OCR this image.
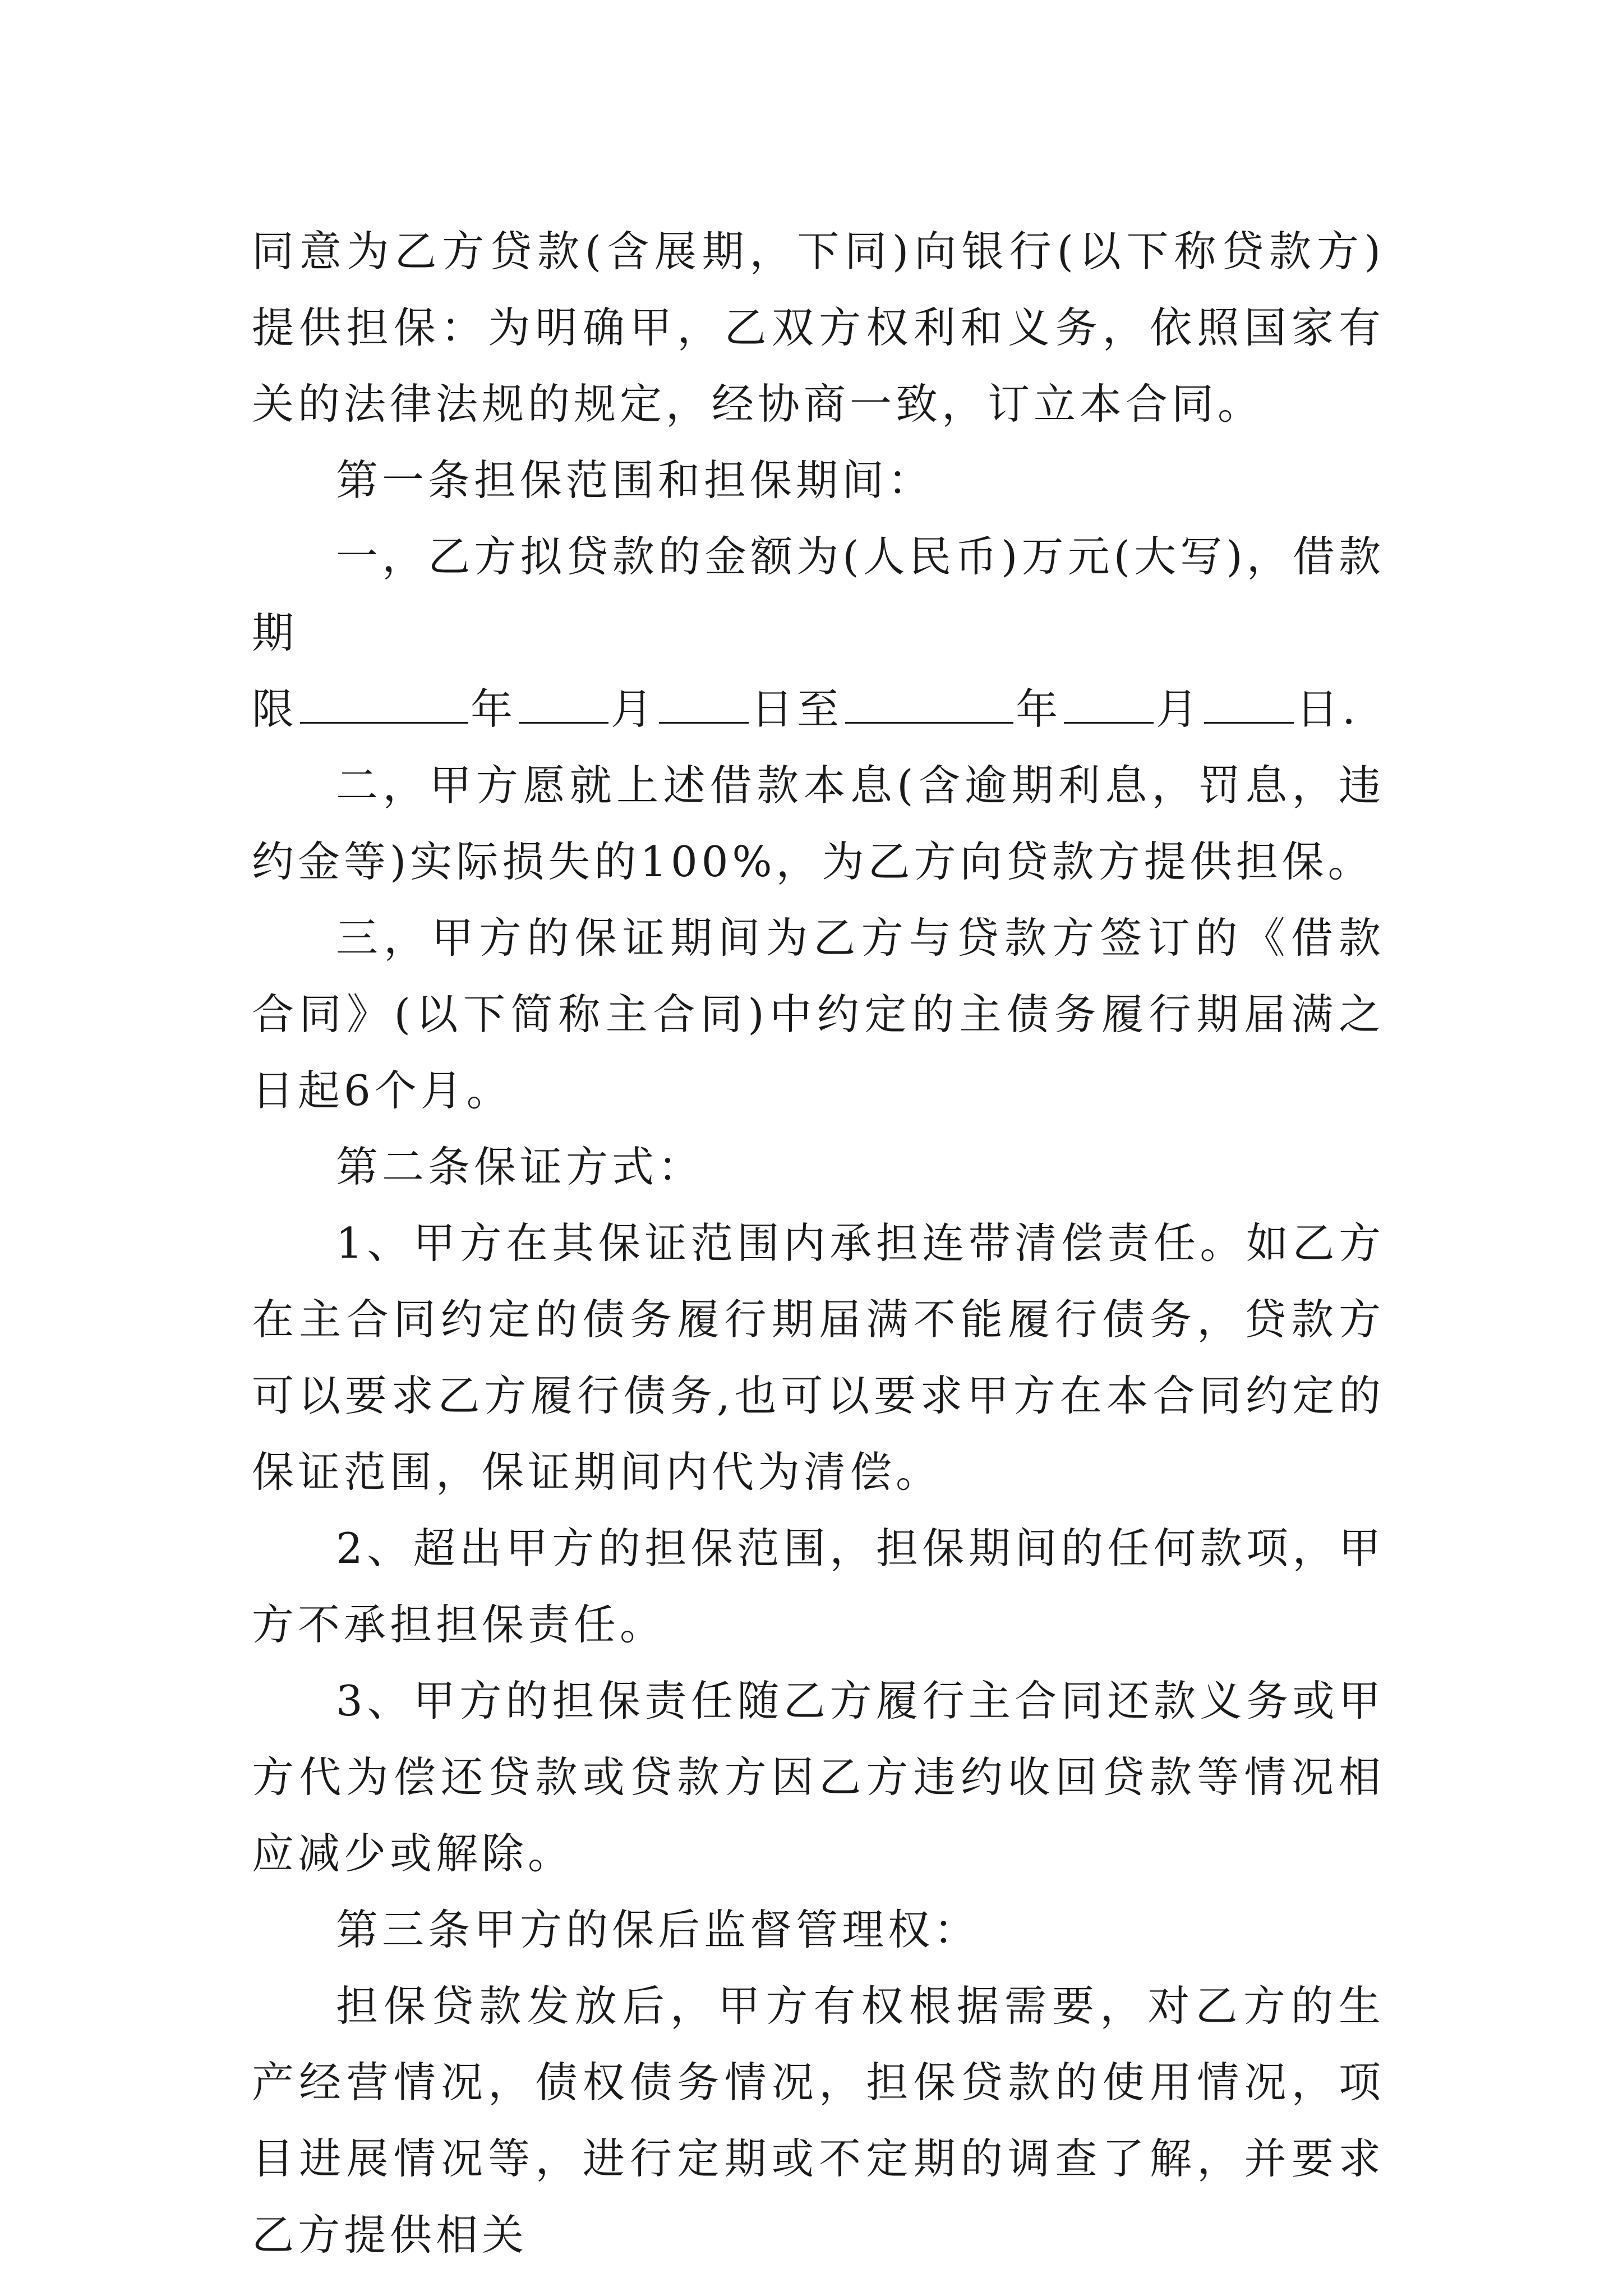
同意为乙方贷款(含展期，下同)向银行(以下称贷款方)提供担保：为明确甲，乙双方权利和义务，依照国家有关的法律法规的规定，经协商一致，订立本合同。

第一条担保范围和担保期间：

一，乙方拟贷款的金额为(人民币)万元(大写)，借款期
限	年 月 日至	年 月 日.

二，甲方愿就上述借款本息(含逾期利息，罚息，违约金等)实际损失的100%，为乙方向贷款方提供担保。

三，甲方的保证期间为乙方与贷款方签订的《借款合同》(以下简称主合同)中约定的主债务履行期届满之日起6个月。

第二条保证方式：

1、甲方在其保证范围内承担连带清偿责任。如乙方在主合同约定的债务履行期届满不能履行债务，贷款方可以要求乙方履行债务,也可以要求甲方在本合同约定的保证范围，保证期间内代为清偿。

2、超出甲方的担保范围，担保期间的任何款项，甲方不承担担保责任。

3、甲方的担保责任随乙方履行主合同还款义务或甲方代为偿还贷款或贷款方因乙方违约收回贷款等情况相应减少或解除。

第三条甲方的保后监督管理权：

担保贷款发放后，甲方有权根据需要，对乙方的生产经营情况，债权债务情况，担保贷款的使用情况，项目进展情况等，进行定期或不定期的调查了解，并要求乙方提供相关
